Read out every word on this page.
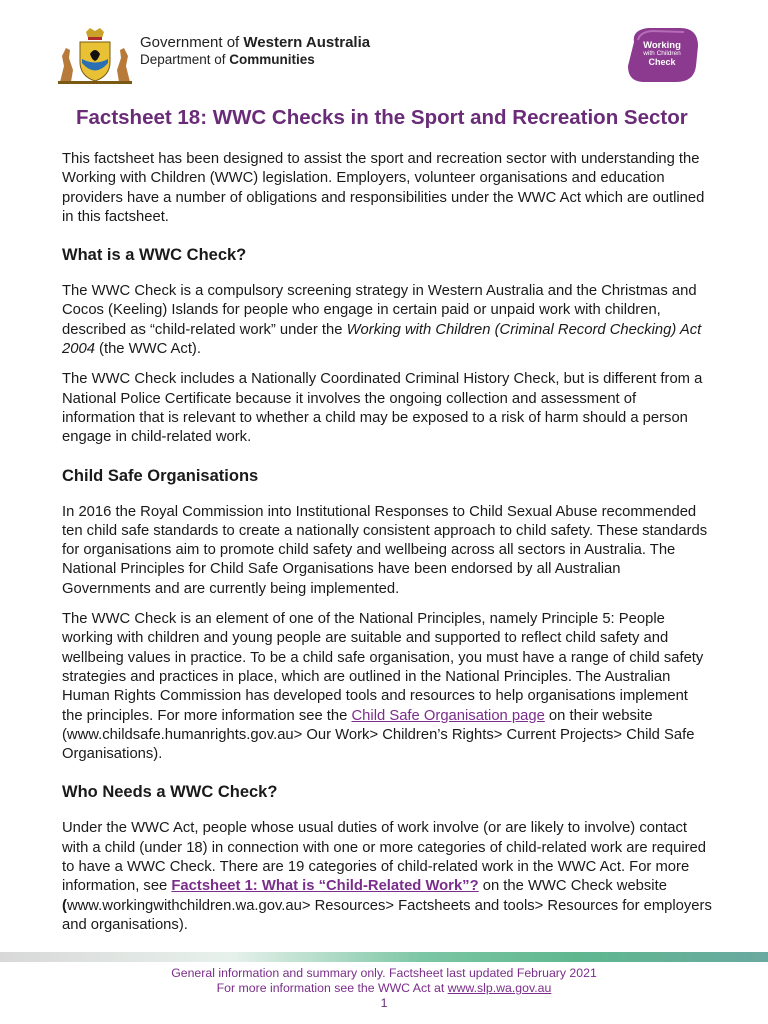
Government of Western Australia
Department of Communities
Working
with Children
Check
Factsheet 18: WWC Checks in the Sport and Recreation Sector

This factsheet has been designed to assist the sport and recreation sector with understanding the Working with Children (WWC) legislation. Employers, volunteer organisations and education providers have a number of obligations and responsibilities under the WWC Act which are outlined in this factsheet.

What is a WWC Check?

The WWC Check is a compulsory screening strategy in Western Australia and the Christmas and Cocos (Keeling) Islands for people who engage in certain paid or unpaid work with children, described as “child-related work” under the Working with Children (Criminal Record Checking) Act 2004 (the WWC Act).

The WWC Check includes a Nationally Coordinated Criminal History Check, but is different from a National Police Certificate because it involves the ongoing collection and assessment of information that is relevant to whether a child may be exposed to a risk of harm should a person engage in child-related work.

Child Safe Organisations

In 2016 the Royal Commission into Institutional Responses to Child Sexual Abuse recommended ten child safe standards to create a nationally consistent approach to child safety. These standards for organisations aim to promote child safety and wellbeing across all sectors in Australia. The National Principles for Child Safe Organisations have been endorsed by all Australian Governments and are currently being implemented.

The WWC Check is an element of one of the National Principles, namely Principle 5: People working with children and young people are suitable and supported to reflect child safety and wellbeing values in practice. To be a child safe organisation, you must have a range of child safety strategies and practices in place, which are outlined in the National Principles. The Australian Human Rights Commission has developed tools and resources to help organisations implement the principles. For more information see the Child Safe Organisation page on their website (www.childsafe.humanrights.gov.au> Our Work> Children’s Rights> Current Projects> Child Safe Organisations).

Who Needs a WWC Check?

Under the WWC Act, people whose usual duties of work involve (or are likely to involve) contact with a child (under 18) in connection with one or more categories of child-related work are required to have a WWC Check. There are 19 categories of child-related work in the WWC Act. For more information, see Factsheet 1: What is “Child-Related Work”? on the WWC Check website (www.workingwithchildren.wa.gov.au> Resources> Factsheets and tools> Resources for employers and organisations).

General information and summary only. Factsheet last updated February 2021
For more information see the WWC Act at www.slp.wa.gov.au
1
